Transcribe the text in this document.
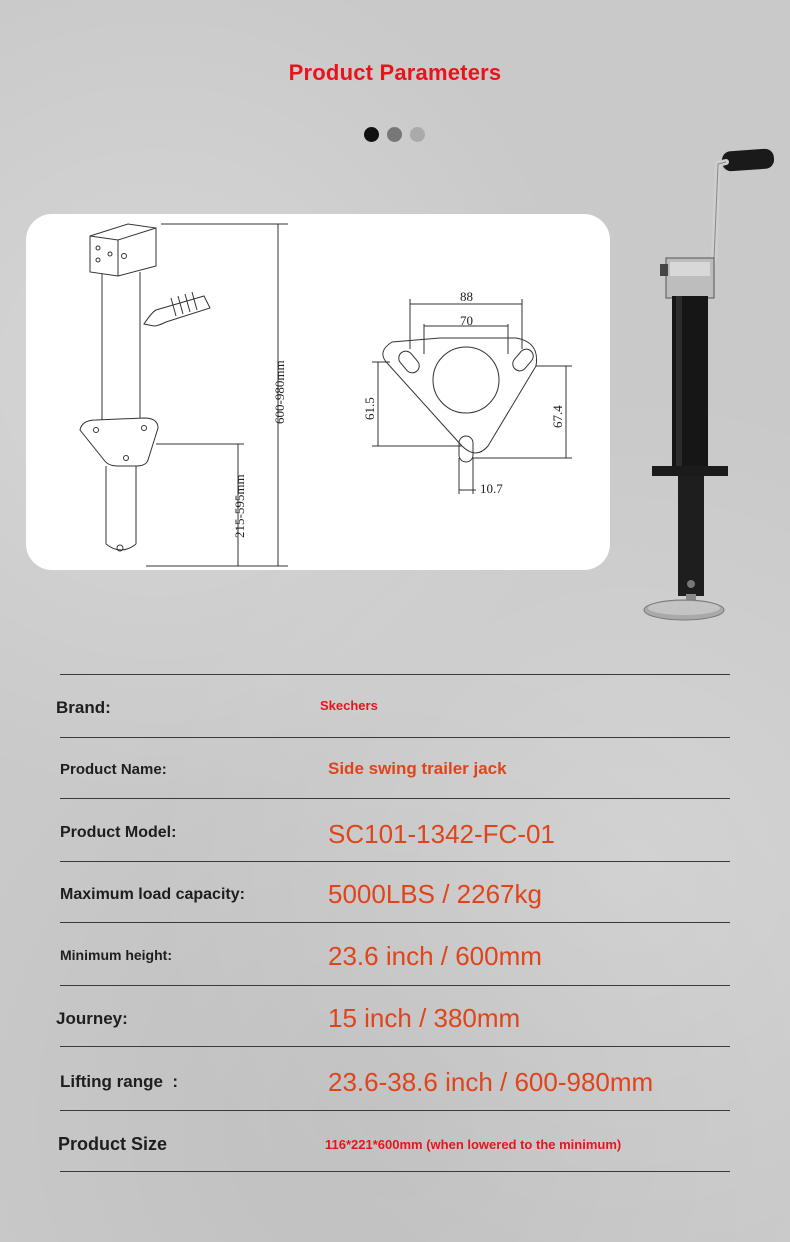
Product Parameters
600-980mm
215-595mm
88
70
61.5	67.4
10.7
Brand:	Skechers
Product Name:	Side swing trailer jack
Product Model:	SC101-1342-FC-01
Maximum load capacity:	5000LBS / 2267kg
Minimum height:	23.6 inch / 600mm
Journey:	15 inch / 380mm
Lifting range  :	23.6-38.6 inch / 600-980mm
Product Size	116*221*600mm (when lowered to the minimum)
